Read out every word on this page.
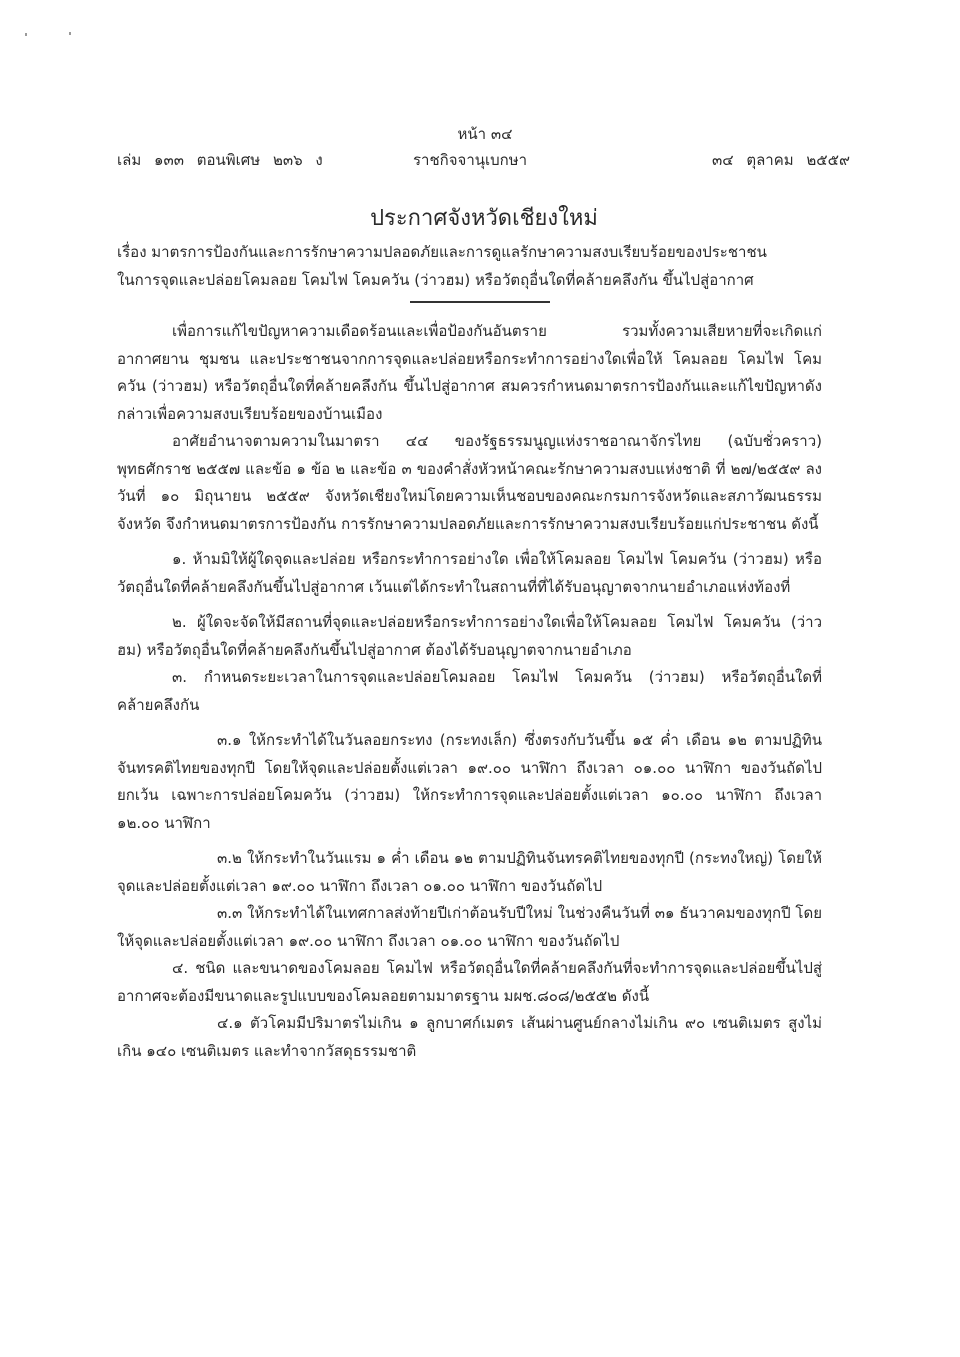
หน้า ๓๔
เล่ม ๑๓๓ ตอนพิเศษ ๒๓๖ ง	ราชกิจจานุเบกษา	๓๔ ตุลาคม ๒๕๕๙
ประกาศจังหวัดเชียงใหม่
เรื่อง มาตรการป้องกันและการรักษาความปลอดภัยและการดูแลรักษาความสงบเรียบร้อยของประชาชน
ในการจุดและปล่อยโคมลอย โคมไฟ โคมควัน (ว่าวฮม) หรือวัตถุอื่นใดที่คล้ายคลึงกัน ขึ้นไปสู่อากาศ

เพื่อการแก้ไขปัญหาความเดือดร้อนและเพื่อป้องกันอันตราย รวมทั้งความเสียหายที่จะเกิดแก่อากาศยาน ชุมชน และประชาชนจากการจุดและปล่อยหรือกระทำการอย่างใดเพื่อให้ โคมลอย โคมไฟ โคมควัน (ว่าวฮม) หรือวัตถุอื่นใดที่คล้ายคลึงกัน ขึ้นไปสู่อากาศ สมควรกำหนดมาตรการป้องกันและแก้ไขปัญหาดังกล่าวเพื่อความสงบเรียบร้อยของบ้านเมือง

อาศัยอำนาจตามความในมาตรา ๔๔ ของรัฐธรรมนูญแห่งราชอาณาจักรไทย (ฉบับชั่วคราว) พุทธศักราช ๒๕๕๗ และข้อ ๑ ข้อ ๒ และข้อ ๓ ของคำสั่งหัวหน้าคณะรักษาความสงบแห่งชาติ ที่ ๒๗/๒๕๕๙ ลงวันที่ ๑๐ มิถุนายน ๒๕๕๙ จังหวัดเชียงใหม่โดยความเห็นชอบของคณะกรมการจังหวัดและสภาวัฒนธรรมจังหวัด จึงกำหนดมาตรการป้องกัน การรักษาความปลอดภัยและการรักษาความสงบเรียบร้อยแก่ประชาชน ดังนี้

๑. ห้ามมิให้ผู้ใดจุดและปล่อย หรือกระทำการอย่างใด เพื่อให้โคมลอย โคมไฟ โคมควัน (ว่าวฮม) หรือวัตถุอื่นใดที่คล้ายคลึงกันขึ้นไปสู่อากาศ เว้นแต่ได้กระทำในสถานที่ที่ได้รับอนุญาตจากนายอำเภอแห่งท้องที่

๒. ผู้ใดจะจัดให้มีสถานที่จุดและปล่อยหรือกระทำการอย่างใดเพื่อให้โคมลอย โคมไฟ โคมควัน (ว่าวฮม) หรือวัตถุอื่นใดที่คล้ายคลึงกันขึ้นไปสู่อากาศ ต้องได้รับอนุญาตจากนายอำเภอ

๓. กำหนดระยะเวลาในการจุดและปล่อยโคมลอย โคมไฟ โคมควัน (ว่าวฮม) หรือวัตถุอื่นใดที่คล้ายคลึงกัน

๓.๑ ให้กระทำได้ในวันลอยกระทง (กระทงเล็ก) ซึ่งตรงกับวันขึ้น ๑๕ ค่ำ เดือน ๑๒ ตามปฏิทินจันทรคติไทยของทุกปี โดยให้จุดและปล่อยตั้งแต่เวลา ๑๙.๐๐ นาฬิกา ถึงเวลา ๐๑.๐๐ นาฬิกา ของวันถัดไป ยกเว้น เฉพาะการปล่อยโคมควัน (ว่าวฮม) ให้กระทำการจุดและปล่อยตั้งแต่เวลา ๑๐.๐๐ นาฬิกา ถึงเวลา ๑๒.๐๐ นาฬิกา

๓.๒ ให้กระทำในวันแรม ๑ ค่ำ เดือน ๑๒ ตามปฏิทินจันทรคติไทยของทุกปี (กระทงใหญ่) โดยให้จุดและปล่อยตั้งแต่เวลา ๑๙.๐๐ นาฬิกา ถึงเวลา ๐๑.๐๐ นาฬิกา ของวันถัดไป

๓.๓ ให้กระทำได้ในเทศกาลส่งท้ายปีเก่าต้อนรับปีใหม่ ในช่วงคืนวันที่ ๓๑ ธันวาคมของทุกปี โดยให้จุดและปล่อยตั้งแต่เวลา ๑๙.๐๐ นาฬิกา ถึงเวลา ๐๑.๐๐ นาฬิกา ของวันถัดไป

๔. ชนิด และขนาดของโคมลอย โคมไฟ หรือวัตถุอื่นใดที่คล้ายคลึงกันที่จะทำการจุดและปล่อยขึ้นไปสู่อากาศจะต้องมีขนาดและรูปแบบของโคมลอยตามมาตรฐาน มผช.๘๐๘/๒๕๕๒ ดังนี้

๔.๑ ตัวโคมมีปริมาตรไม่เกิน ๑ ลูกบาศก์เมตร เส้นผ่านศูนย์กลางไม่เกิน ๙๐ เซนติเมตร สูงไม่เกิน ๑๔๐ เซนติเมตร และทำจากวัสดุธรรมชาติ
